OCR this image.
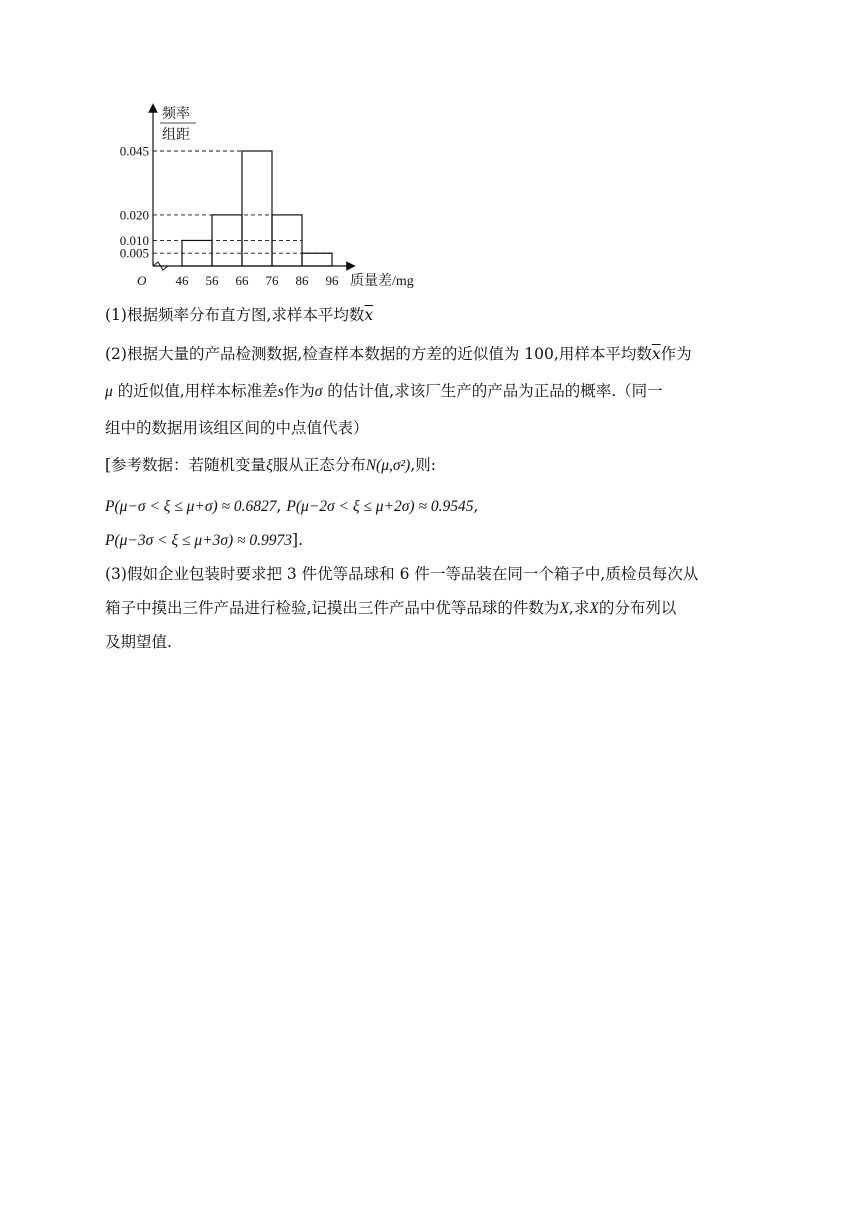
O
频率
组距
质量差/mg
46 56 66 76 86 96
0.005
0.010
0.020
0.045
(1)根据频率分布直方图,求样本平均数$\overline{x}$
(2)根据大量的产品检测数据,检查样本数据的方差的近似值为 100,用样本平均数$\overline{x}$作为
μ 的近似值,用样本标准差s作为σ 的估计值,求该厂生产的产品为正品的概率.（同一
组中的数据用该组区间的中点值代表）
[参考数据：若随机变量ξ服从正态分布N(μ,σ²),则:
P(μ−σ < ξ ≤ μ+σ) ≈ 0.6827, P(μ−2σ < ξ ≤ μ+2σ) ≈ 0.9545,
P(μ−3σ < ξ ≤ μ+3σ) ≈ 0.9973].
(3)假如企业包装时要求把 3 件优等品球和 6 件一等品装在同一个箱子中,质检员每次从
箱子中摸出三件产品进行检验,记摸出三件产品中优等品球的件数为X,求X的分布列以
及期望值.
